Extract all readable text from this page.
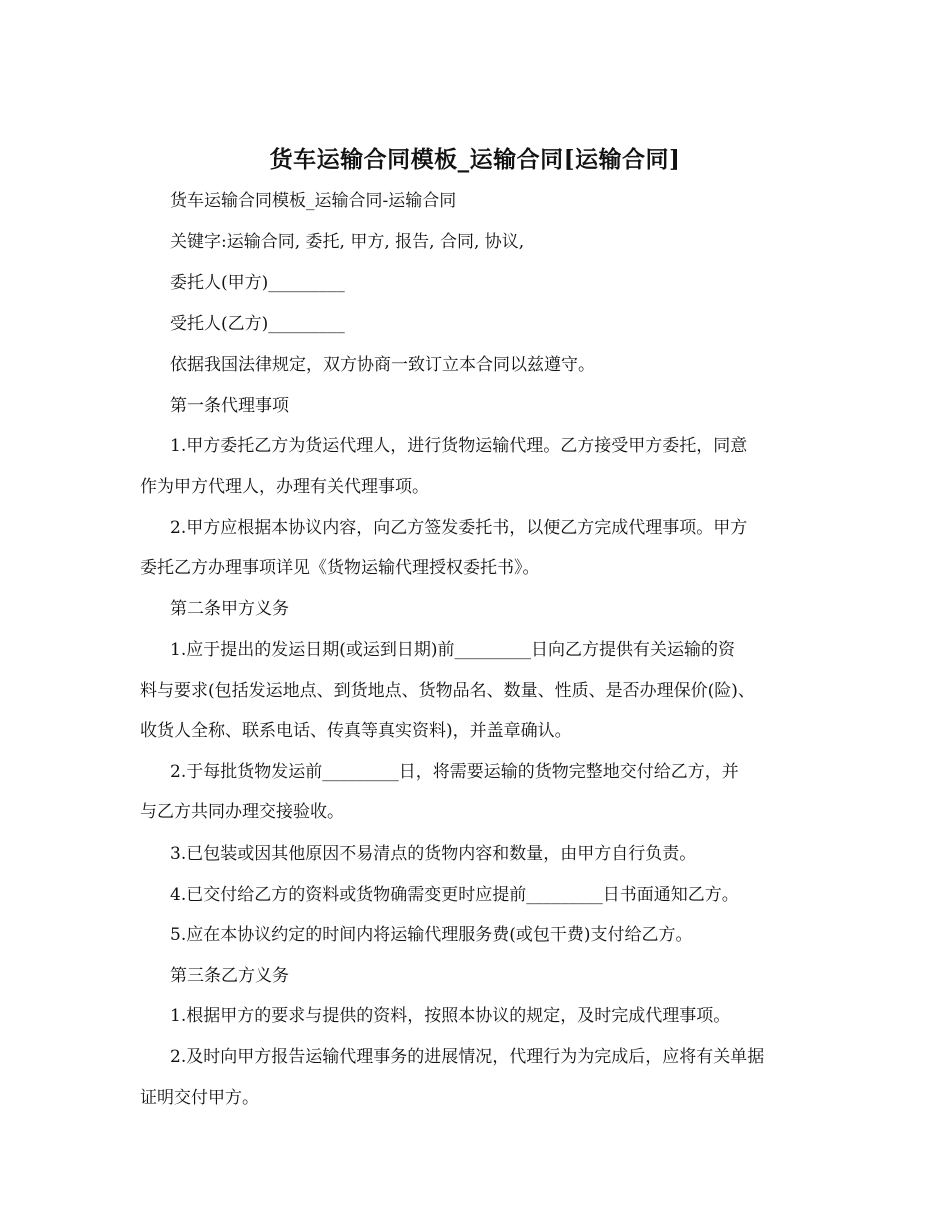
货车运输合同模板_运输合同[运输合同]
货车运输合同模板_运输合同-运输合同
关键字:运输合同, 委托, 甲方, 报告, 合同, 协议,
委托人(甲方)_________
受托人(乙方)_________
依据我国法律规定，双方协商一致订立本合同以兹遵守。
第一条代理事项
1.甲方委托乙方为货运代理人，进行货物运输代理。乙方接受甲方委托，同意
作为甲方代理人，办理有关代理事项。
2.甲方应根据本协议内容，向乙方签发委托书，以便乙方完成代理事项。甲方
委托乙方办理事项详见《货物运输代理授权委托书》。
第二条甲方义务
1.应于提出的发运日期(或运到日期)前_________日向乙方提供有关运输的资
料与要求(包括发运地点、到货地点、货物品名、数量、性质、是否办理保价(险)、
收货人全称、联系电话、传真等真实资料)，并盖章确认。
2.于每批货物发运前_________日，将需要运输的货物完整地交付给乙方，并
与乙方共同办理交接验收。
3.已包装或因其他原因不易清点的货物内容和数量，由甲方自行负责。
4.已交付给乙方的资料或货物确需变更时应提前_________日书面通知乙方。
5.应在本协议约定的时间内将运输代理服务费(或包干费)支付给乙方。
第三条乙方义务
1.根据甲方的要求与提供的资料，按照本协议的规定，及时完成代理事项。
2.及时向甲方报告运输代理事务的进展情况，代理行为为完成后，应将有关单据
证明交付甲方。
